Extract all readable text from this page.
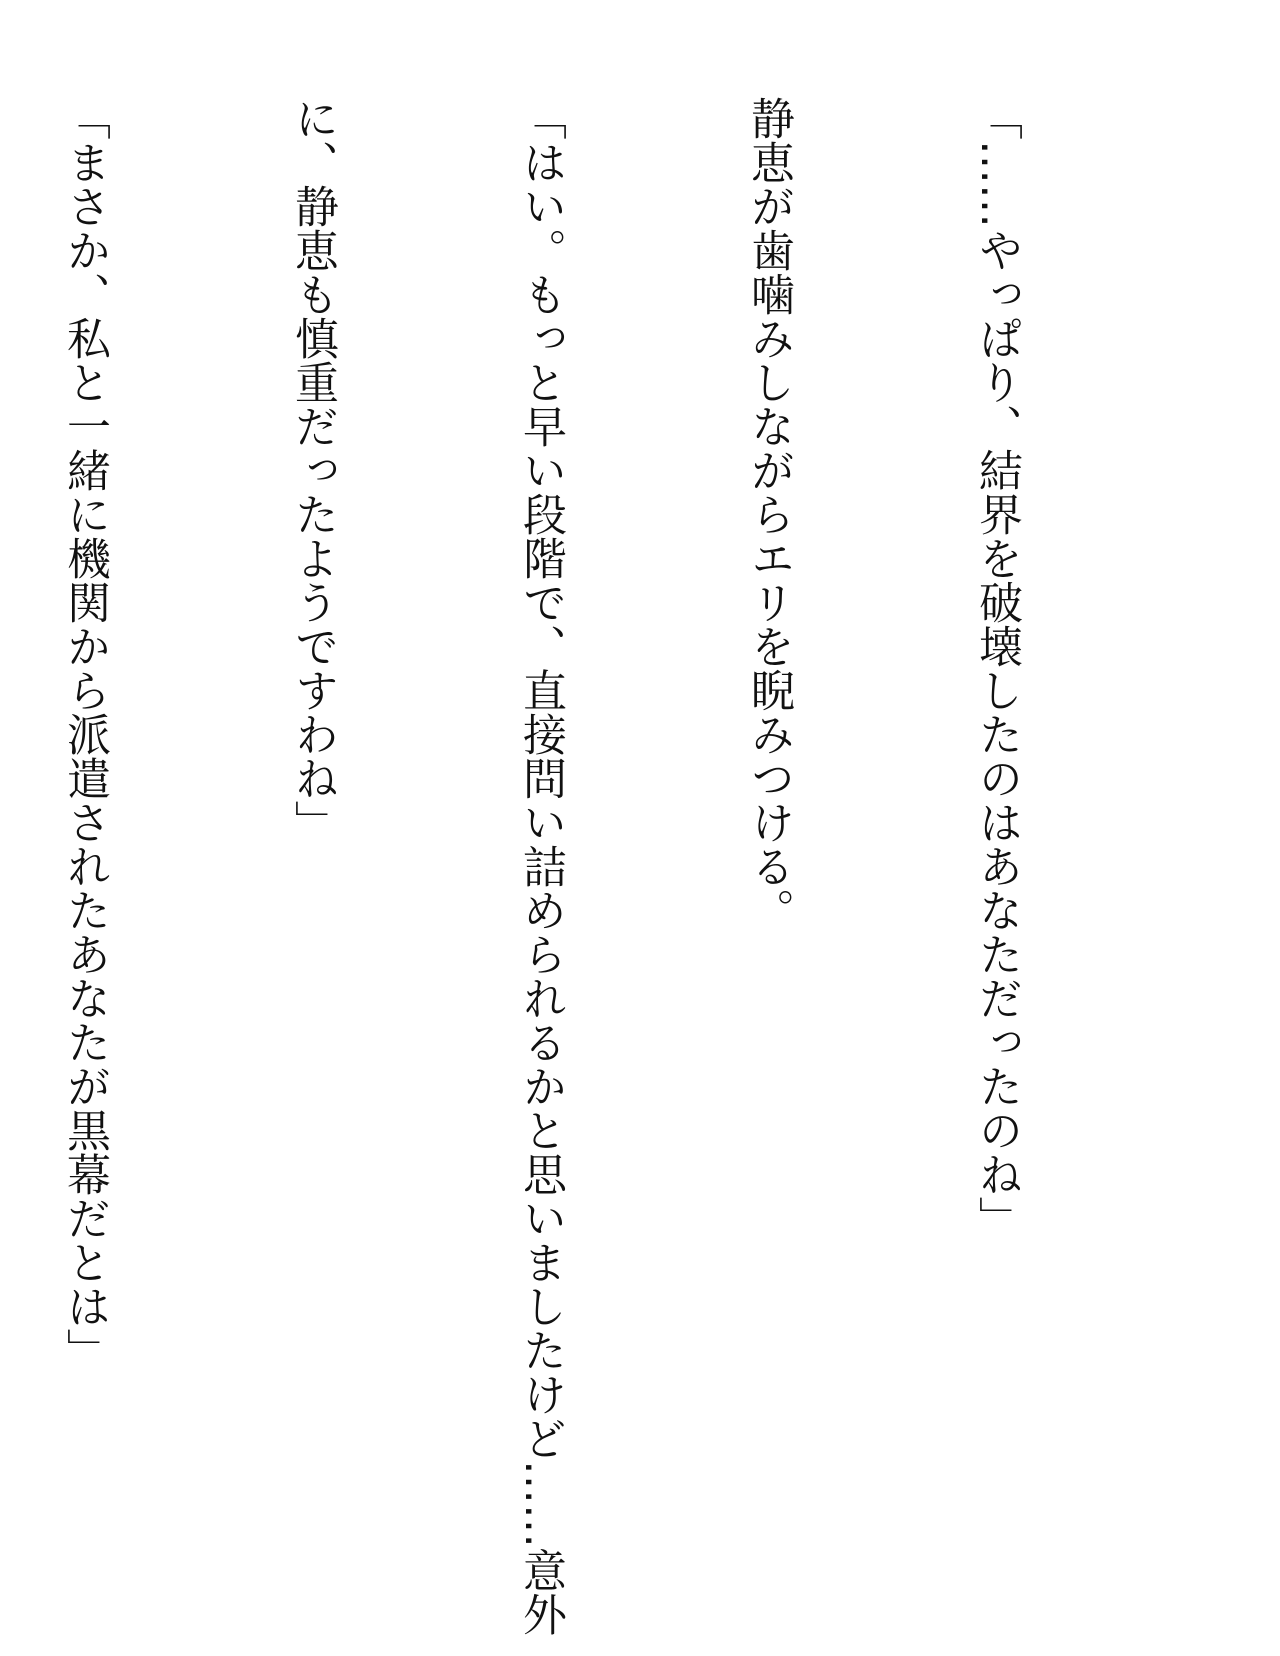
「……やっぱり、結界を破壊したのはあなただったのね」

静恵が歯噛みしながらエリを睨みつける。

「はい。もっと早い段階で、直接問い詰められるかと思いましたけど……意外

に、静恵も慎重だったようですわね」

「まさか、私と一緒に機関から派遣されたあなたが黒幕だとは」
